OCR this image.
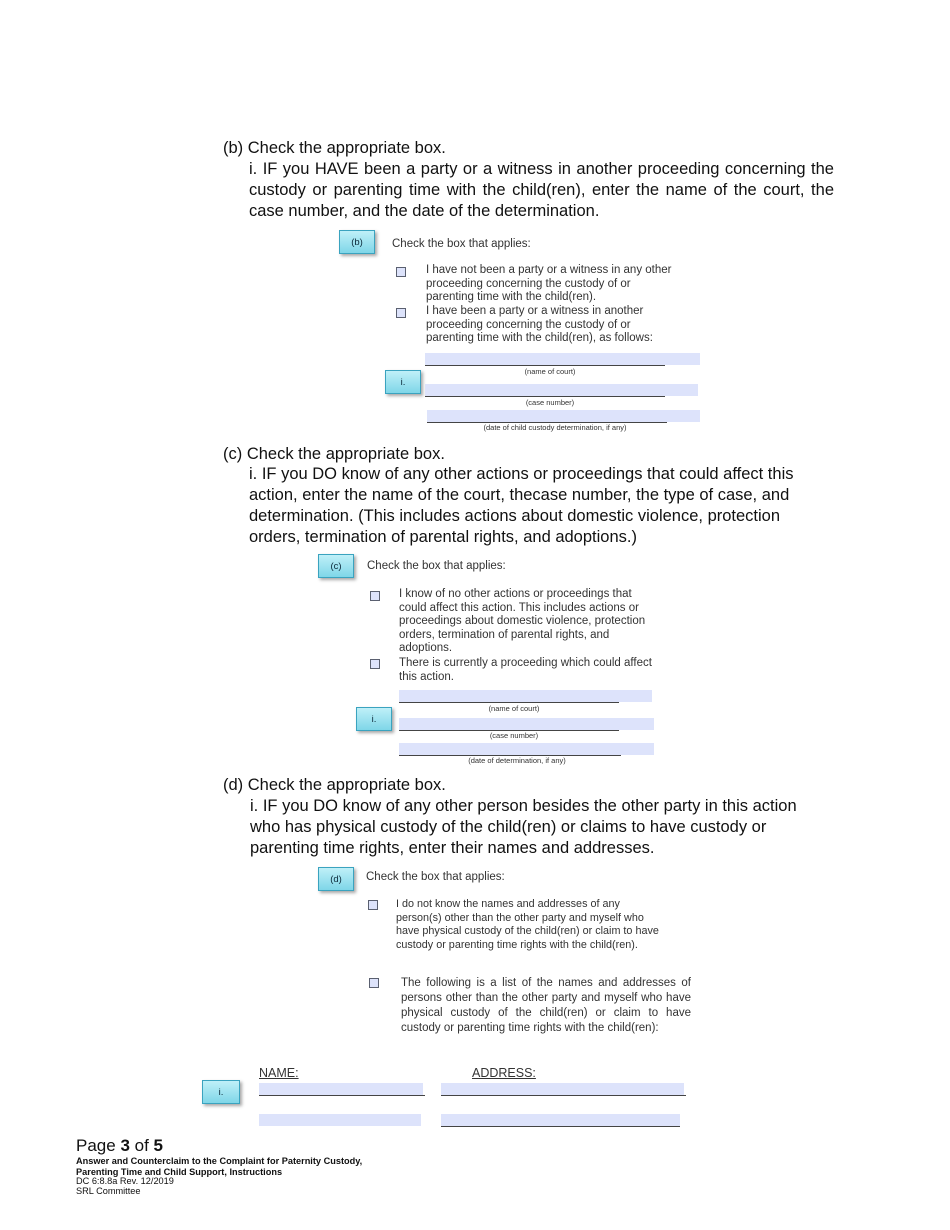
(b) Check the appropriate box.
i. IF you HAVE been a party or a witness in another proceeding concerning the custody or parenting time with the child(ren), enter the name of the court, the case number, and the date of the determination.
(b)	Check the box that applies:
I have not been a party or a witness in any other proceeding concerning the custody of or parenting time with the child(ren).
I have been a party or a witness in another proceeding concerning the custody of or parenting time with the child(ren), as follows:
i.
(name of court)
(case number)
(date of child custody determination, if any)
(c) Check the appropriate box.
i. IF you DO know of any other actions or proceedings that could affect this action, enter the name of the court, thecase number, the type of case, and determination. (This includes actions about domestic violence, protection orders, termination of parental rights, and adoptions.)
(c)	Check the box that applies:
I know of no other actions or proceedings that could affect this action. This includes actions or proceedings about domestic violence, protection orders, termination of parental rights, and adoptions.
There is currently a proceeding which could affect this action.
i.
(name of court)
(case number)
(date of determination, if any)
(d) Check the appropriate box.
i. IF you DO know of any other person besides the other party in this action who has physical custody of the child(ren) or claims to have custody or parenting time rights, enter their names and addresses.
(d)	Check the box that applies:
I do not know the names and addresses of any person(s) other than the other party and myself who have physical custody of the child(ren) or claim to have custody or parenting time rights with the child(ren).
The following is a list of the names and addresses of persons other than the other party and myself who have physical custody of the child(ren) or claim to have custody or parenting time rights with the child(ren):
NAME:	ADDRESS:
i.
Page 3 of 5
Answer and Counterclaim to the Complaint for Paternity Custody, Parenting Time and Child Support, Instructions
DC 6:8.8a Rev. 12/2019
SRL Committee
